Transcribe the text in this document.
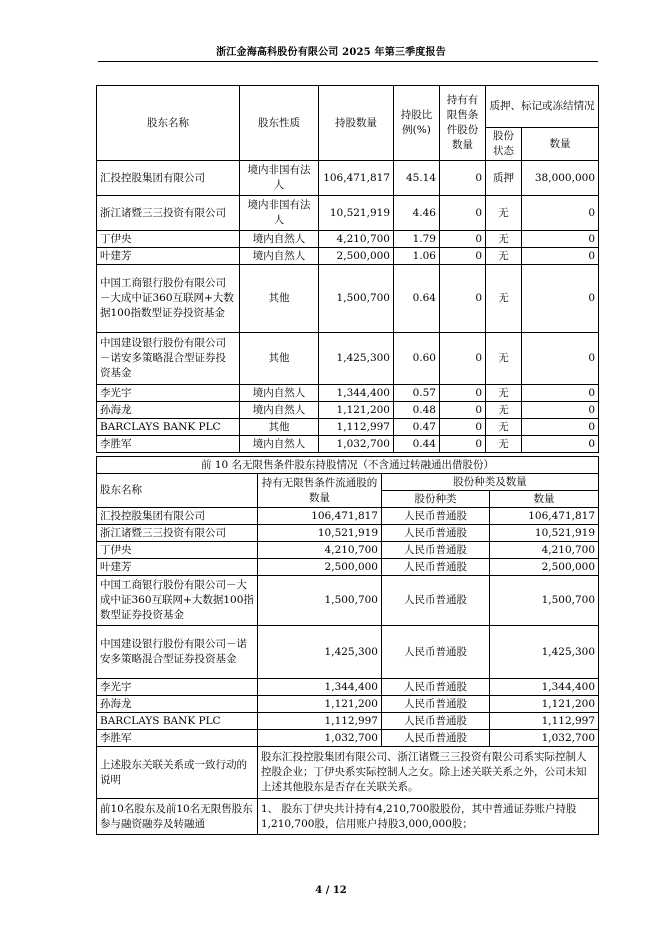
浙江金海高科股份有限公司 2025 年第三季度报告
股东名称	股东性质	持股数量	持股比例(%)	持有有限售条件股份数量	质押、标记或冻结情况	
					股份状态	数量
汇投控股集团有限公司	境内非国有法人	106,471,817	45.14	0	质押	38,000,000
浙江诸暨三三投资有限公司	境内非国有法人	10,521,919	4.46	0	无	0
丁伊央	境内自然人	4,210,700	1.79	0	无	0
叶建芳	境内自然人	2,500,000	1.06	0	无	0
中国工商银行股份有限公司－大成中证360互联网+大数据100指数型证券投资基金	其他	1,500,700	0.64	0	无	0
中国建设银行股份有限公司－诺安多策略混合型证券投资基金	其他	1,425,300	0.60	0	无	0
李光宇	境内自然人	1,344,400	0.57	0	无	0
孙海龙	境内自然人	1,121,200	0.48	0	无	0
BARCLAYS BANK PLC	其他	1,112,997	0.47	0	无	0
李胜军	境内自然人	1,032,700	0.44	0	无	0
前 10 名无限售条件股东持股情况（不含通过转融通出借股份）			
股东名称	持有无限售条件流通股的数量	股份种类及数量	
		股份种类	数量
汇投控股集团有限公司	106,471,817	人民币普通股	106,471,817
浙江诸暨三三投资有限公司	10,521,919	人民币普通股	10,521,919
丁伊央	4,210,700	人民币普通股	4,210,700
叶建芳	2,500,000	人民币普通股	2,500,000
中国工商银行股份有限公司－大成中证360互联网+大数据100指数型证券投资基金	1,500,700	人民币普通股	1,500,700
中国建设银行股份有限公司－诺安多策略混合型证券投资基金	1,425,300	人民币普通股	1,425,300
李光宇	1,344,400	人民币普通股	1,344,400
孙海龙	1,121,200	人民币普通股	1,121,200
BARCLAYS BANK PLC	1,112,997	人民币普通股	1,112,997
李胜军	1,032,700	人民币普通股	1,032,700
上述股东关联关系或一致行动的说明	股东汇投控股集团有限公司、浙江诸暨三三投资有限公司系实际控制人控股企业；丁伊央系实际控制人之女。除上述关联关系之外，公司未知上述其他股东是否存在关联关系。		
前10名股东及前10名无限售股东参与融资融券及转融通	1、 股东丁伊央共计持有4,210,700股股份，其中普通证券账户持股1,210,700股，信用账户持股3,000,000股；		
4 / 12
